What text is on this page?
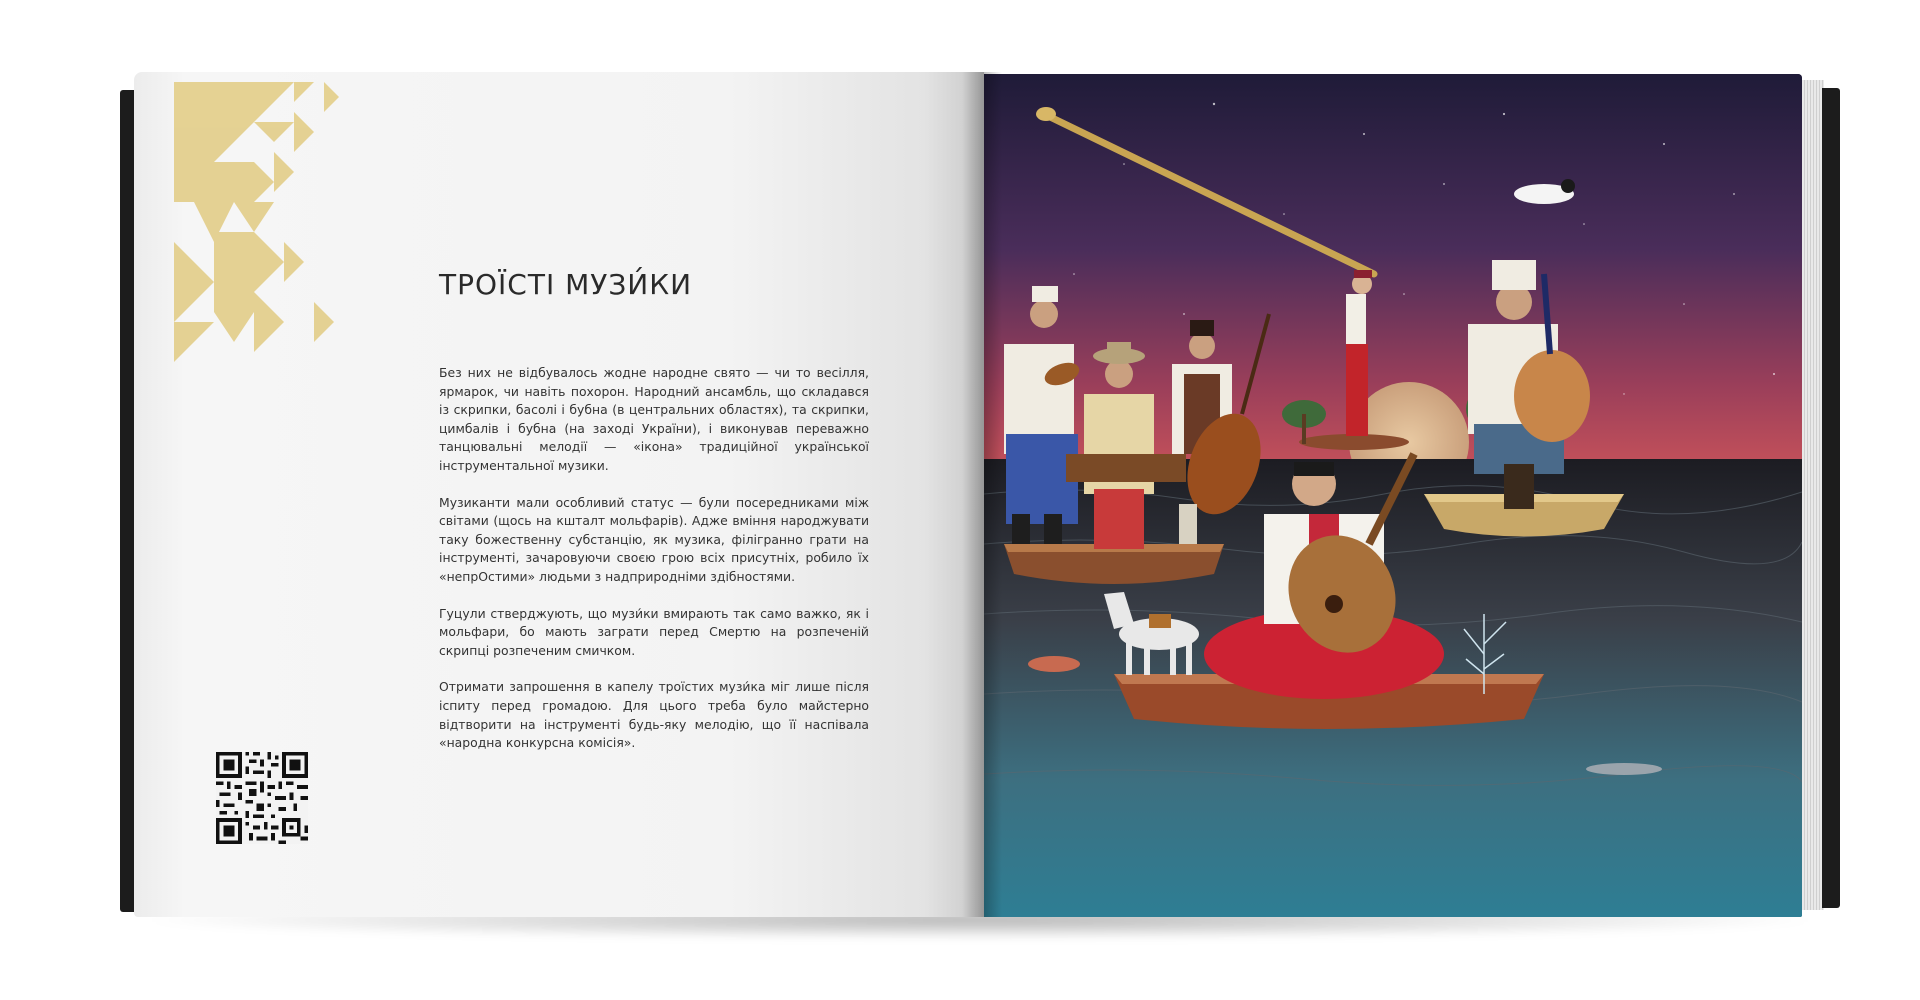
ТРОЇСТІ МУЗИ́КИ

Без них не відбувалось жодне народне свято — чи то весілля, ярмарок, чи навіть похорон. Народний ансамбль, що складався із скрипки, басолі і бубна (в центральних областях), та скрипки, цимбалів і бубна (на заході України), і виконував переважно танцювальні мелодії — «ікона» традиційної української інструментальної музики.

Музиканти мали особливий статус — були посередниками між світами (щось на кшталт мольфарів). Адже вміння народжувати таку божественну субстанцію, як музика, філігранно грати на інструменті, зачаровуючи своєю грою всіх присутніх, робило їх «непрОстими» людьми з надприродніми здібностями.

Гуцули стверджують, що музи́ки вмирають так само важко, як і мольфари, бо мають заграти перед Смертю на розпеченій скрипці розпеченим смичком.

Отримати запрошення в капелу троїстих музи́ка міг лише після іспиту перед громадою. Для цього треба було майстерно відтворити на інструменті будь-яку мелодію, що її наспівала «народна конкурсна комісія».
